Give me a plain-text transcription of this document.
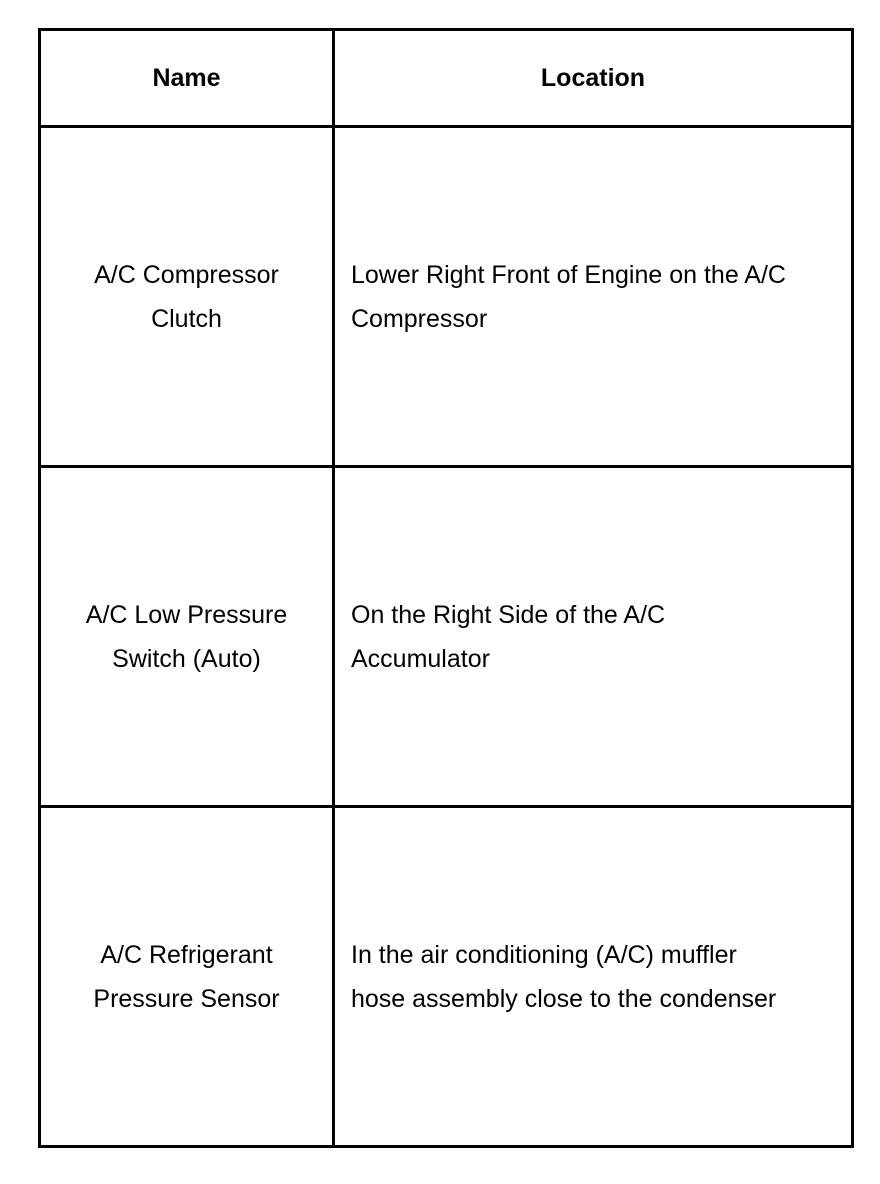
Name	Location
A/C Compressor Clutch	Lower Right Front of Engine on the A/C Compressor
A/C Low Pressure Switch (Auto)	On the Right Side of the A/C Accumulator
A/C Refrigerant Pressure Sensor	In the air conditioning (A/C) muffler hose assembly close to the condenser
